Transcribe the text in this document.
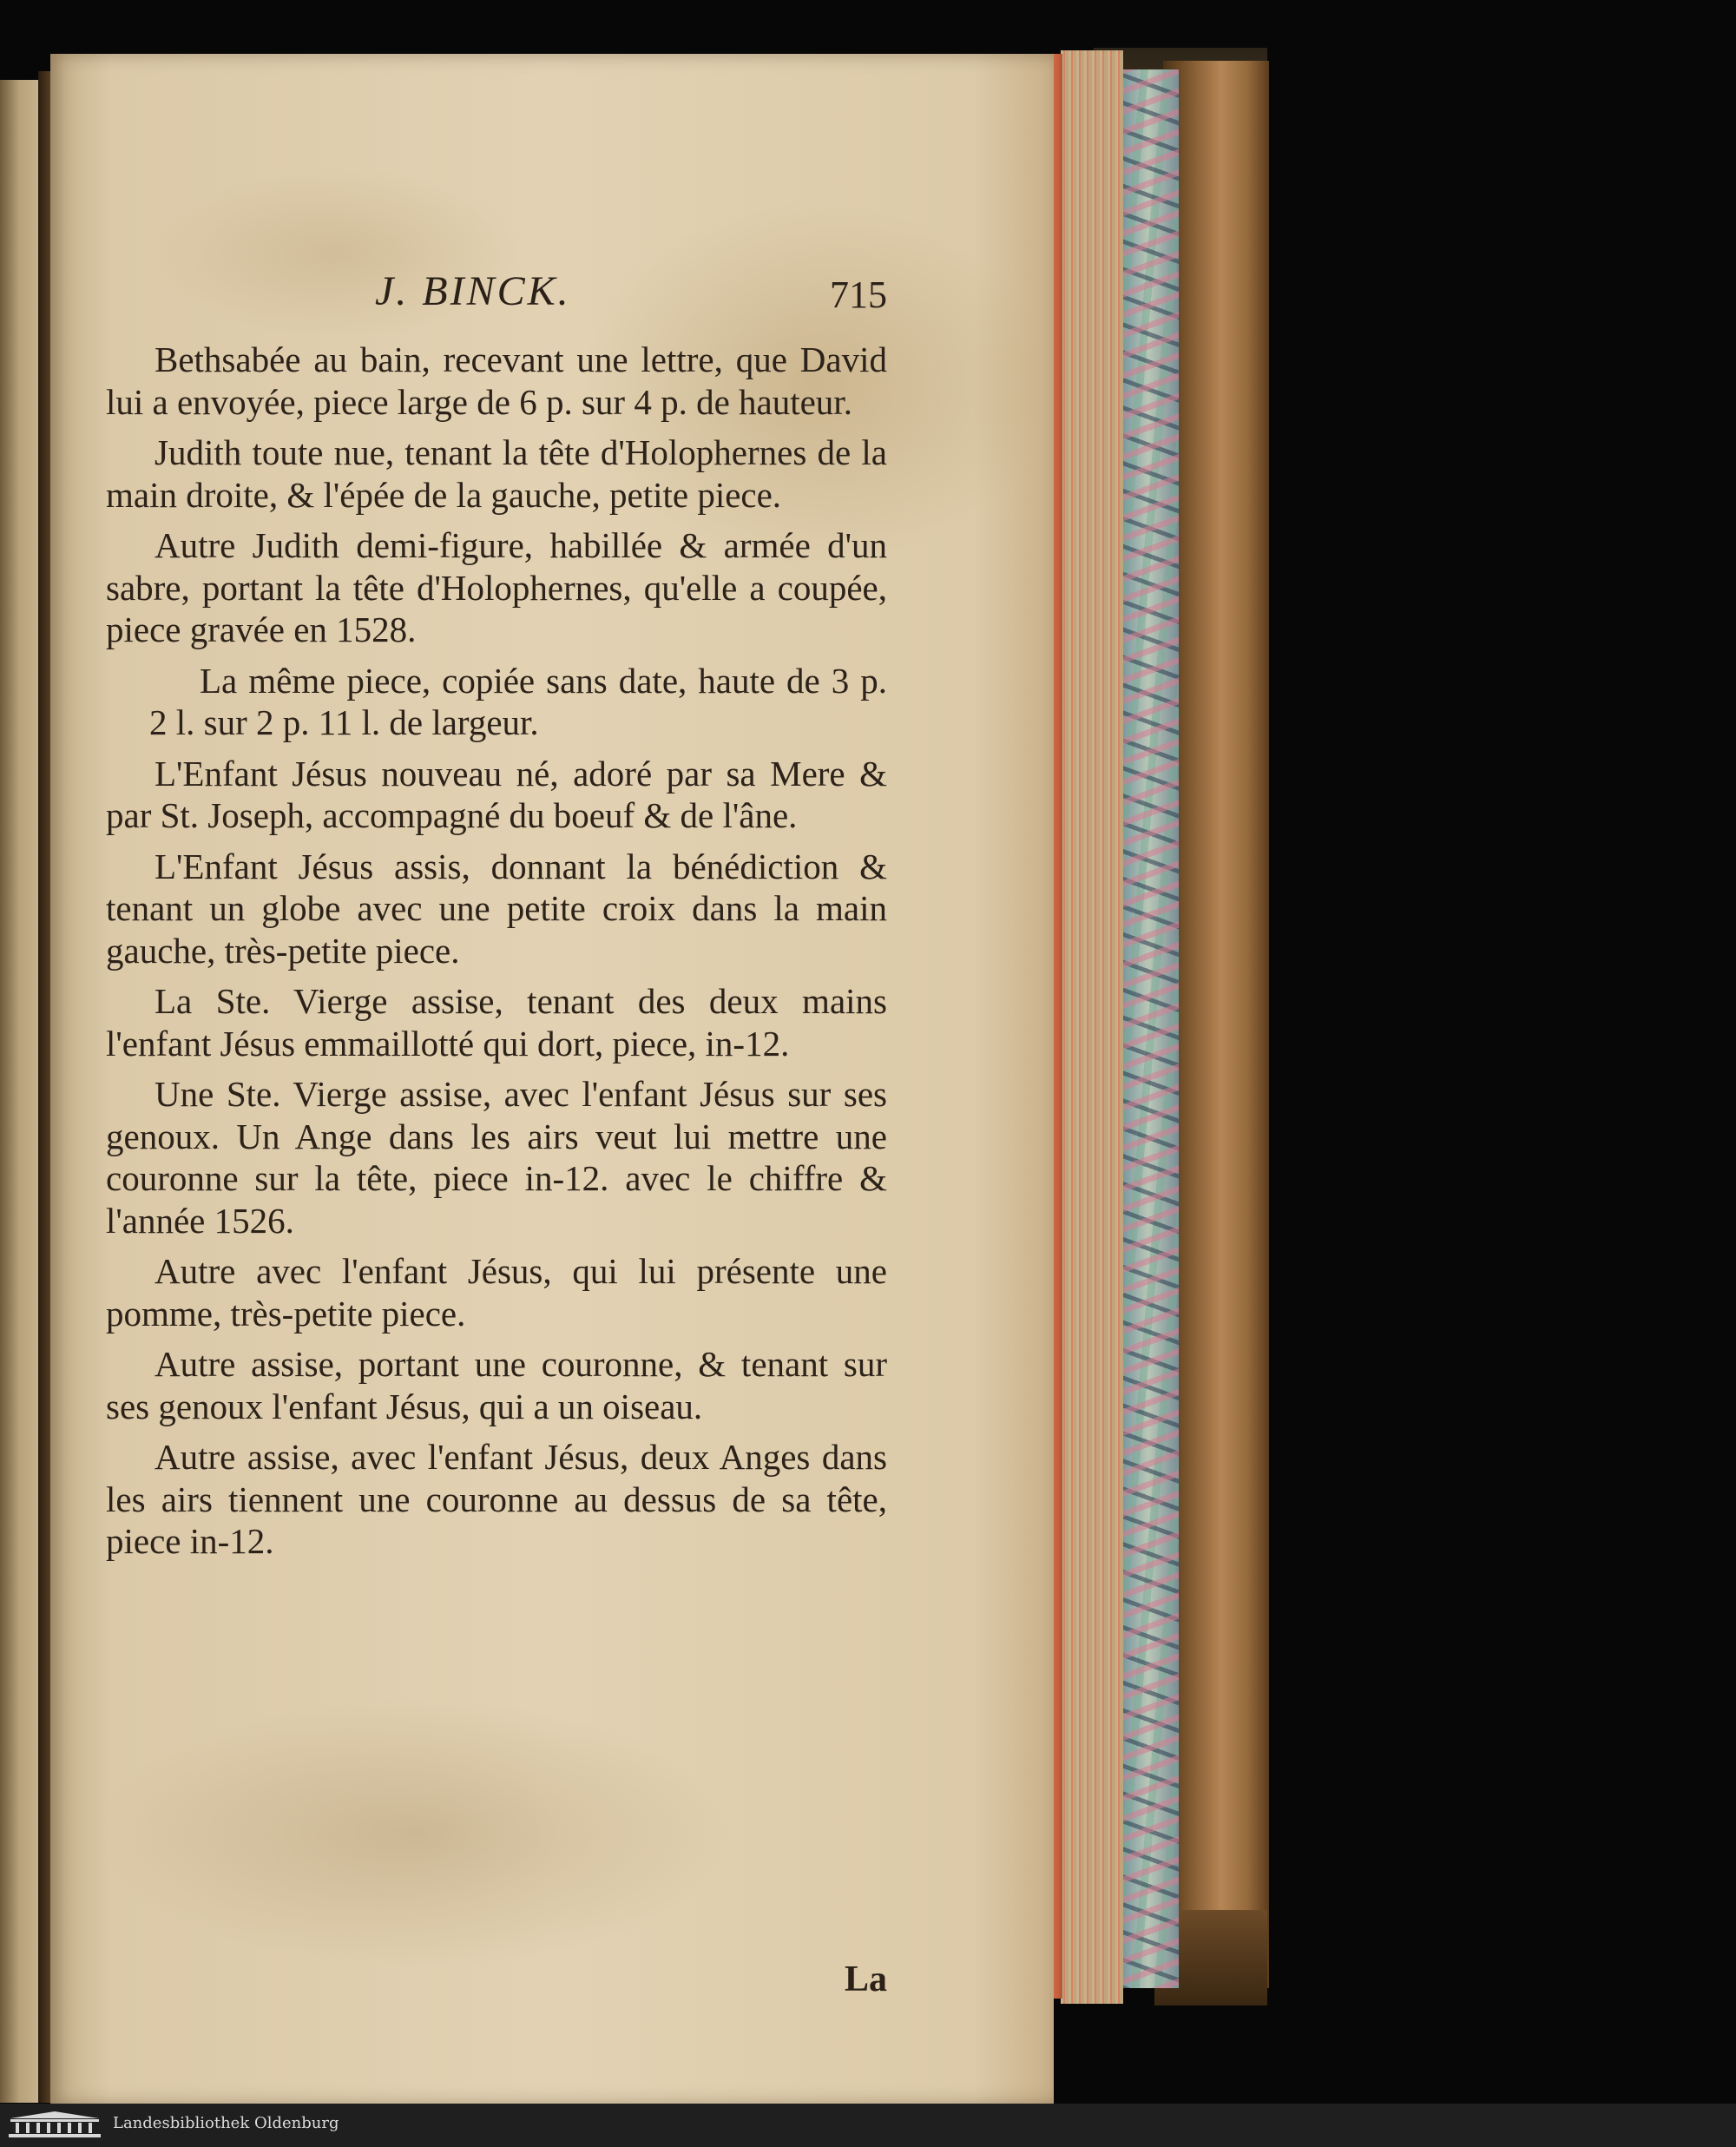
J. BINCK.	715

Bethsabée au bain, recevant une lettre, que David lui a envoyée, piece large de 6 p. sur 4 p. de hauteur.

Judith toute nue, tenant la tête d'Holophernes de la main droite, & l'épée de la gauche, petite piece.

Autre Judith demi-figure, habillée & armée d'un sabre, portant la tête d'Holophernes, qu'elle a coupée, piece gravée en 1528.

La même piece, copiée sans date, haute de 3 p. 2 l. sur 2 p. 11 l. de largeur.

L'Enfant Jésus nouveau né, adoré par sa Mere & par St. Joseph, accompagné du boeuf & de l'âne.

L'Enfant Jésus assis, donnant la bénédiction & tenant un globe avec une petite croix dans la main gauche, très-petite piece.

La Ste. Vierge assise, tenant des deux mains l'enfant Jésus emmaillotté qui dort, piece, in-12.

Une Ste. Vierge assise, avec l'enfant Jésus sur ses genoux. Un Ange dans les airs veut lui mettre une couronne sur la tête, piece in-12. avec le chiffre & l'année 1526.

Autre avec l'enfant Jésus, qui lui présente une pomme, très-petite piece.

Autre assise, portant une couronne, & tenant sur ses genoux l'enfant Jésus, qui a un oiseau.

Autre assise, avec l'enfant Jésus, deux Anges dans les airs tiennent une couronne au dessus de sa tête, piece in-12.

La

Landesbibliothek Oldenburg
